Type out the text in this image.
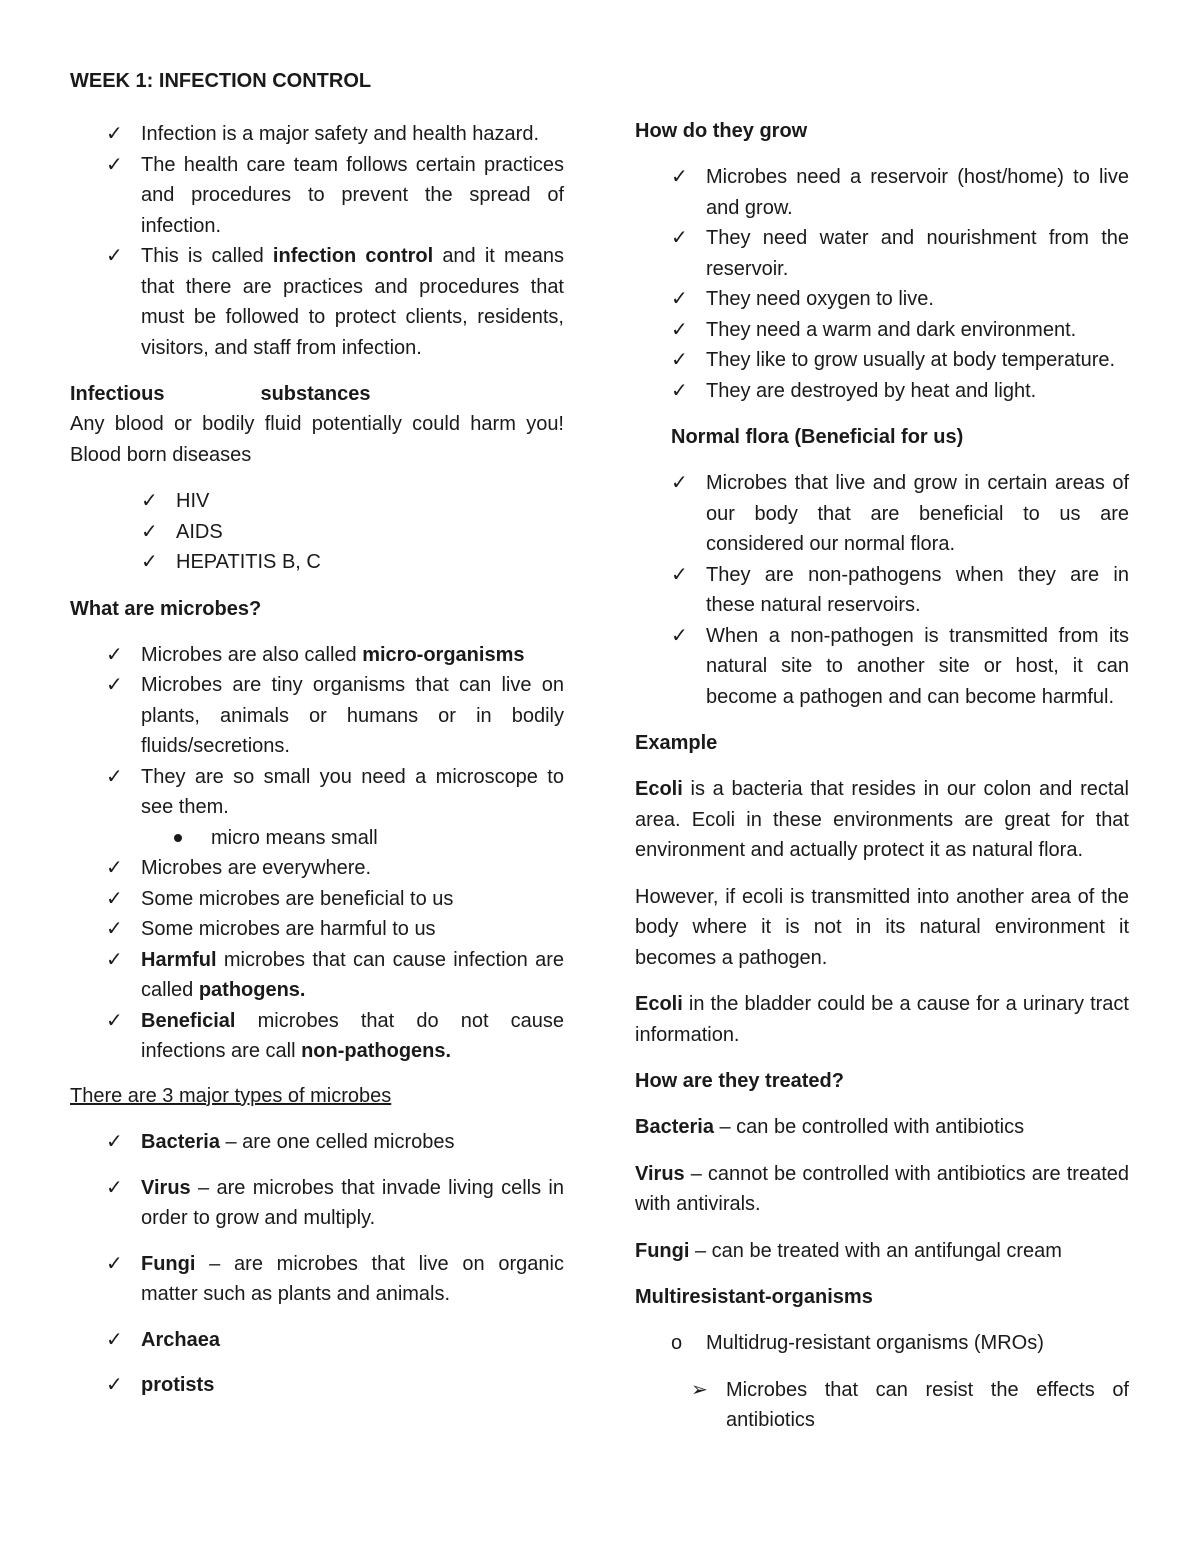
WEEK 1: INFECTION CONTROL
✓ Infection is a major safety and health hazard.
✓ The health care team follows certain practices and procedures to prevent the spread of infection.
✓ This is called infection control and it means that there are practices and procedures that must be followed to protect clients, residents, visitors, and staff from infection.
Infectious	substances

Any blood or bodily fluid potentially could harm you! Blood born diseases

✓ HIV
✓ AIDS
✓ HEPATITIS B, C
What are microbes?
✓ Microbes are also called micro-organisms
✓ Microbes are tiny organisms that can live on plants, animals or humans or in bodily fluids/secretions.
✓ They are so small you need a microscope to see them.
micro means small
✓ Microbes are everywhere.
✓ Some microbes are beneficial to us
✓ Some microbes are harmful to us
✓ Harmful microbes that can cause infection are called pathogens.
✓ Beneficial microbes that do not cause infections are call non-pathogens.

There are 3 major types of microbes

✓ Bacteria – are one celled microbes
✓ Virus – are microbes that invade living cells in order to grow and multiply.
✓ Fungi – are microbes that live on organic matter such as plants and animals.
✓ Archaea
✓ protists
How do they grow
✓ Microbes need a reservoir (host/home) to live and grow.
✓ They need water and nourishment from the reservoir.
✓ They need oxygen to live.
✓ They need a warm and dark environment.
✓ They like to grow usually at body temperature.
✓ They are destroyed by heat and light.
Normal flora (Beneficial for us)
✓ Microbes that live and grow in certain areas of our body that are beneficial to us are considered our normal flora.
✓ They are non-pathogens when they are in these natural reservoirs.
✓ When a non-pathogen is transmitted from its natural site to another site or host, it can become a pathogen and can become harmful.
Example

Ecoli is a bacteria that resides in our colon and rectal area. Ecoli in these environments are great for that environment and actually protect it as natural flora.

However, if ecoli is transmitted into another area of the body where it is not in its natural environment it becomes a pathogen.

Ecoli in the bladder could be a cause for a urinary tract information.

How are they treated?

Bacteria – can be controlled with antibiotics

Virus – cannot be controlled with antibiotics are treated with antivirals.

Fungi – can be treated with an antifungal cream

Multiresistant-organisms
o	Multidrug-resistant organisms (MROs)
➢ Microbes that can resist the effects of antibiotics
